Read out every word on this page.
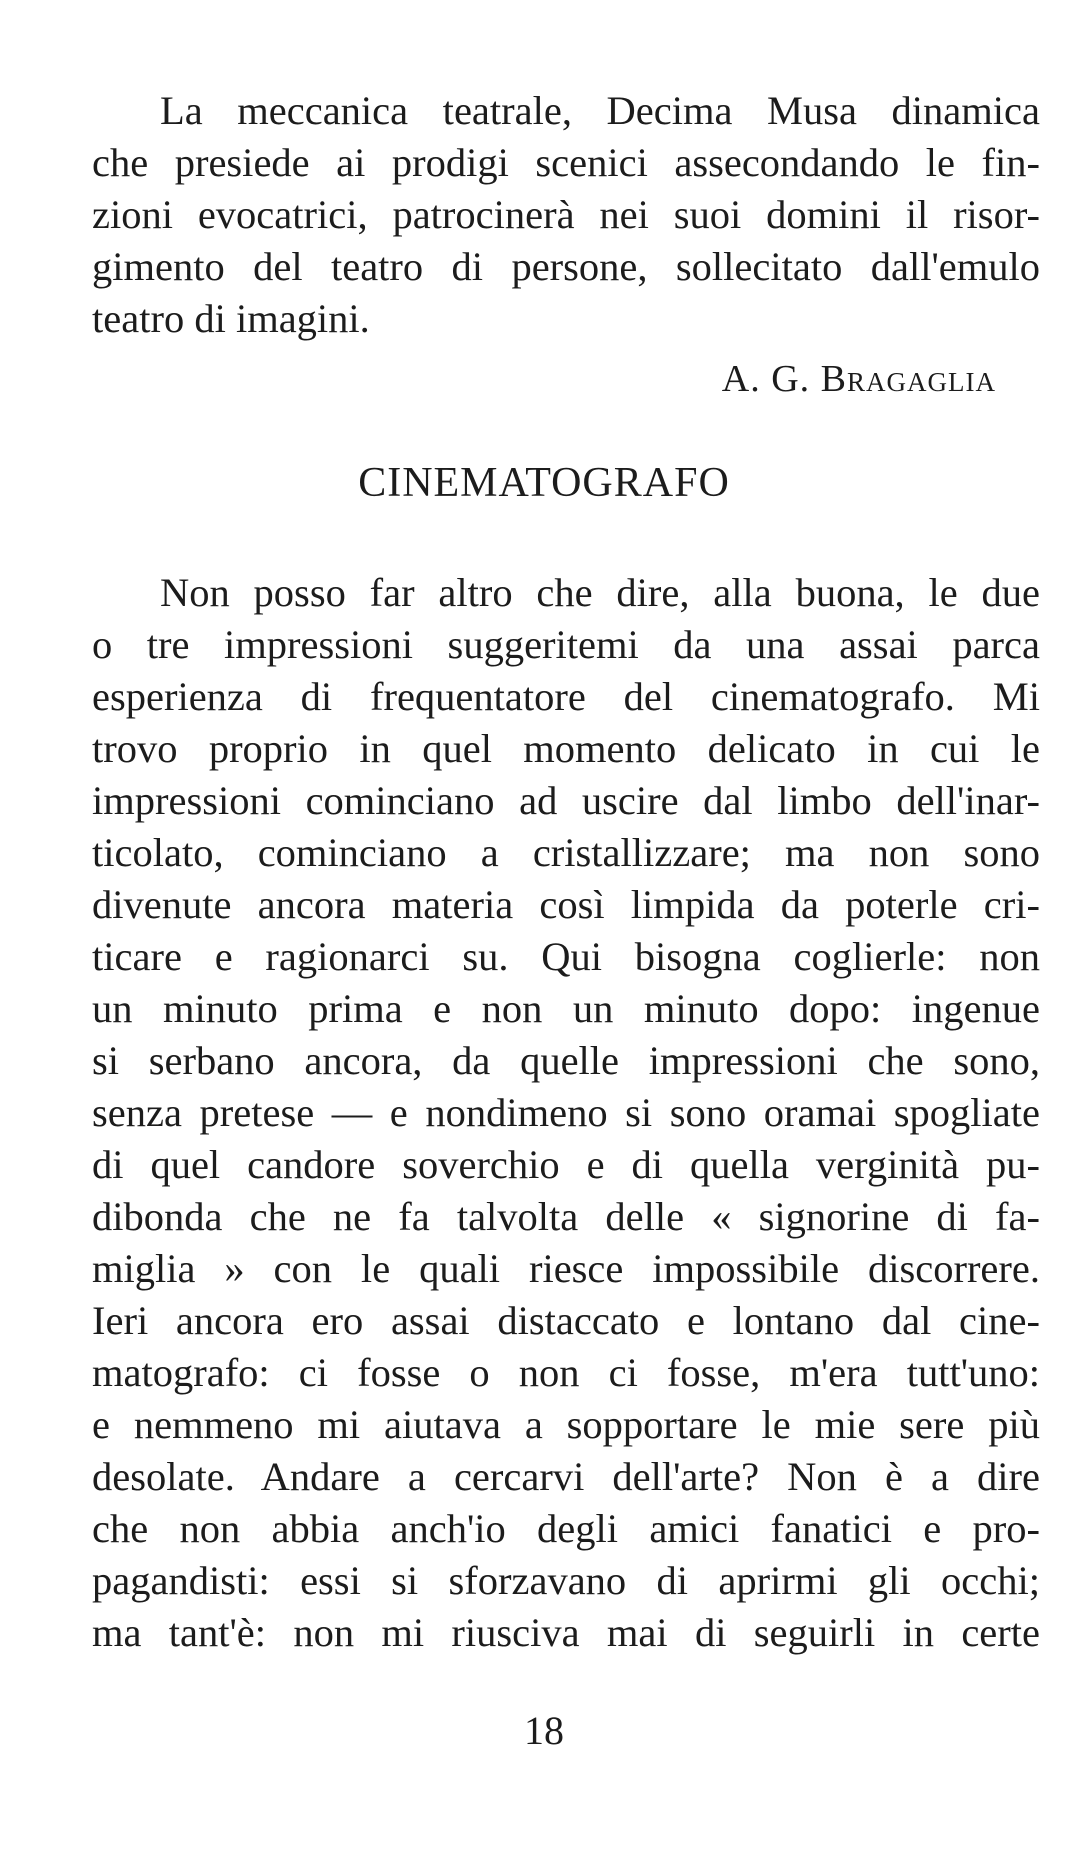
La meccanica teatrale, Decima Musa dinamica

che presiede ai prodigi scenici assecondando le fin-

zioni evocatrici, patrocinerà nei suoi domini il risor-

gimento del teatro di persone, sollecitato dall'emulo

teatro di imagini.

A. G. Bragaglia
CINEMATOGRAFO

Non posso far altro che dire, alla buona, le due

o tre impressioni suggeritemi da una assai parca

esperienza di frequentatore del cinematografo. Mi

trovo proprio in quel momento delicato in cui le

impressioni cominciano ad uscire dal limbo dell'inar-

ticolato, cominciano a cristallizzare; ma non sono

divenute ancora materia così limpida da poterle cri-

ticare e ragionarci su. Qui bisogna coglierle: non

un minuto prima e non un minuto dopo: ingenue

si serbano ancora, da quelle impressioni che sono,

senza pretese — e nondimeno si sono oramai spogliate

di quel candore soverchio e di quella verginità pu-

dibonda che ne fa talvolta delle « signorine di fa-

miglia » con le quali riesce impossibile discorrere.

Ieri ancora ero assai distaccato e lontano dal cine-

matografo: ci fosse o non ci fosse, m'era tutt'uno:

e nemmeno mi aiutava a sopportare le mie sere più

desolate. Andare a cercarvi dell'arte? Non è a dire

che non abbia anch'io degli amici fanatici e pro-

pagandisti: essi si sforzavano di aprirmi gli occhi;

ma tant'è: non mi riusciva mai di seguirli in certe

18
